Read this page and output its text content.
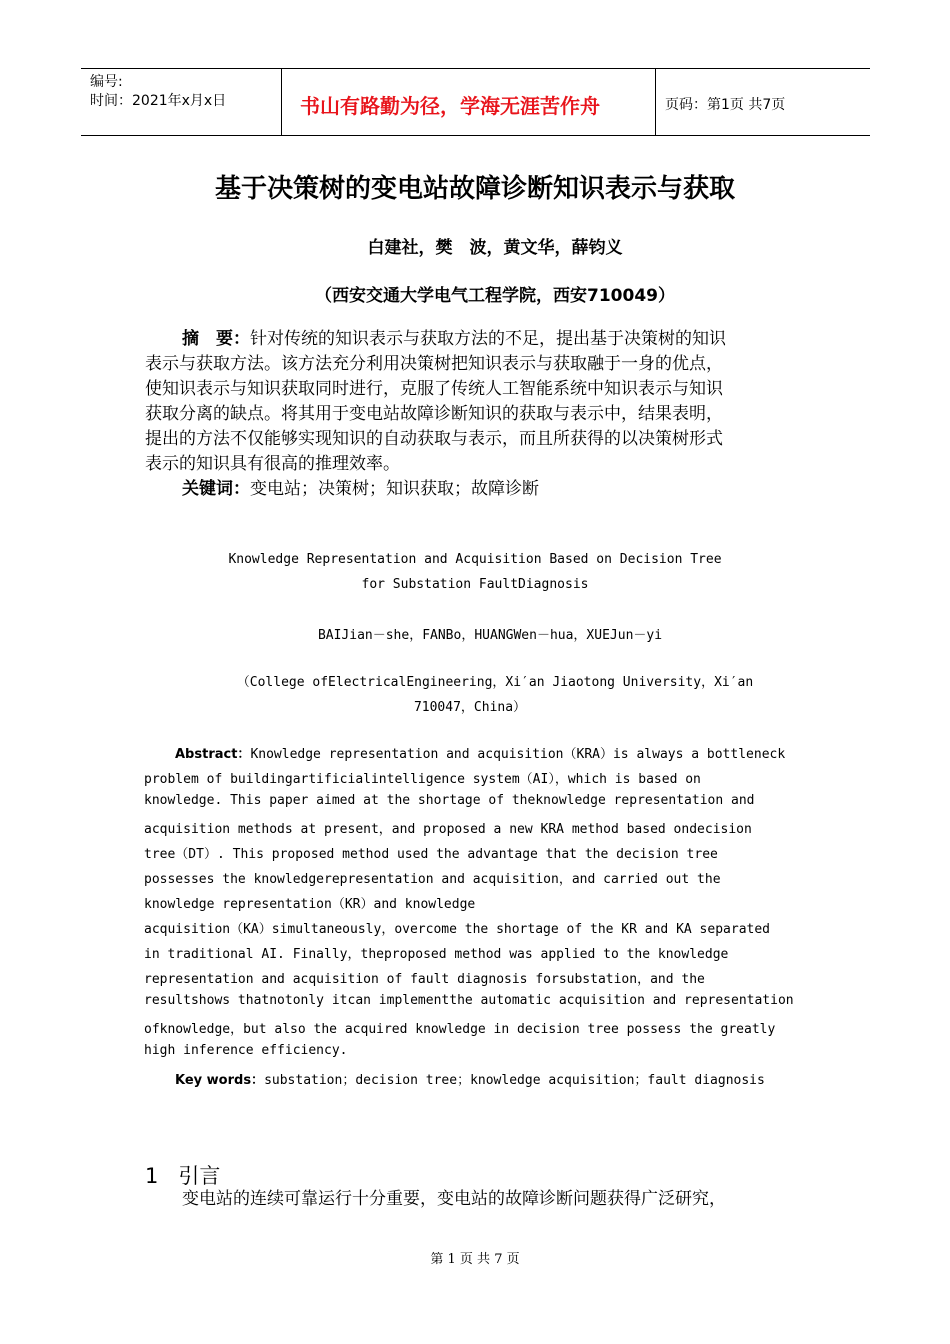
编号:
时间：2021年x月x日	书山有路勤为径，学海无涯苦作舟	页码：第1页 共7页
基于决策树的变电站故障诊断知识表示与获取
白建社，樊　波，黄文华，薛钧义
（西安交通大学电气工程学院，西安710049）
摘　要：针对传统的知识表示与获取方法的不足，提出基于决策树的知识
表示与获取方法。该方法充分利用决策树把知识表示与获取融于一身的优点，
使知识表示与知识获取同时进行，克服了传统人工智能系统中知识表示与知识
获取分离的缺点。将其用于变电站故障诊断知识的获取与表示中，结果表明，
提出的方法不仅能够实现知识的自动获取与表示，而且所获得的以决策树形式
表示的知识具有很高的推理效率。
关键词：变电站；决策树；知识获取；故障诊断
Knowledge Representation and Acquisition Based on Decision Tree
for Substation FaultDiagnosis
BAIJian－she，FANBo，HUANGWen－hua，XUEJun－yi
（College ofElectricalEngineering，Xi′an Jiaotong University，Xi′an
710047，China）
Abstract：Knowledge representation and acquisition（KRA）is always a bottleneck
problem of buildingartificialintelligence system（AI），which is based on
knowledge. This paper aimed at the shortage of theknowledge representation and
acquisition methods at present，and proposed a new KRA method based ondecision
tree（DT）. This proposed method used the advantage that the decision tree
possesses the knowledgerepresentation and acquisition，and carried out the
knowledge representation（KR）and knowledge
acquisition（KA）simultaneously，overcome the shortage of the KR and KA separated
in traditional AI. Finally，theproposed method was applied to the knowledge
representation and acquisition of fault diagnosis forsubstation，and the
resultshows thatnotonly itcan implementthe automatic acquisition and representation
ofknowledge，but also the acquired knowledge in decision tree possess the greatly
high inference efficiency.
Key words：substation；decision tree；knowledge acquisition；fault diagnosis
1 引言
变电站的连续可靠运行十分重要，变电站的故障诊断问题获得广泛研究，
第 1 页 共 7 页
